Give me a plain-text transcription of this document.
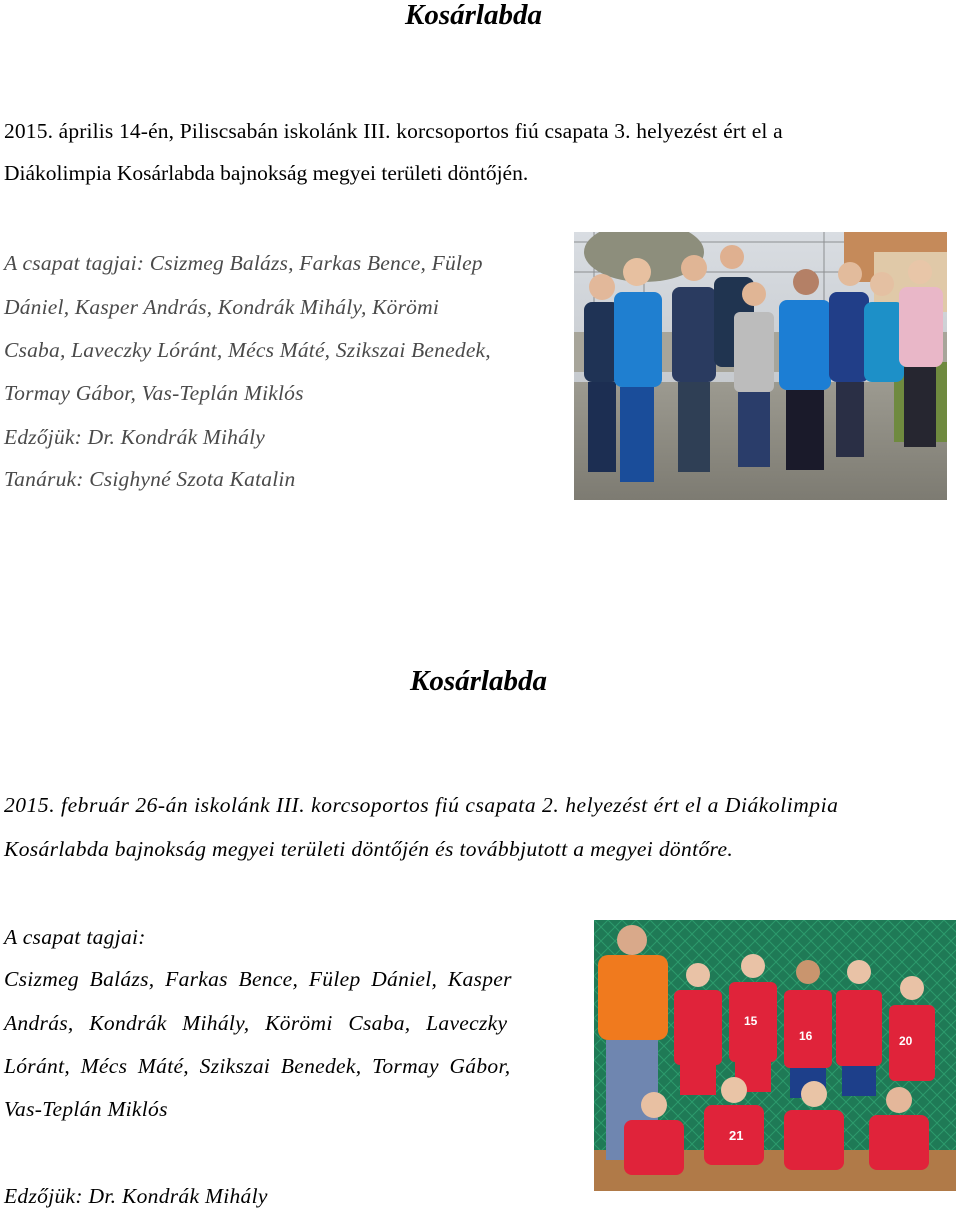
Kosárlabda

2015. április 14-én, Piliscsabán iskolánk III. korcsoportos fiú csapata 3. helyezést ért el a

Diákolimpia Kosárlabda bajnokság megyei területi döntőjén.

A csapat tagjai: Csizmeg Balázs, Farkas Bence, Fülep

Dániel, Kasper András, Kondrák Mihály, Körömi

Csaba, Laveczky Lóránt, Mécs Máté, Szikszai Benedek,

Tormay Gábor, Vas-Teplán Miklós

Edzőjük: Dr. Kondrák Mihály

Tanáruk: Csighyné Szota Katalin

Kosárlabda

2015. február 26-án iskolánk III. korcsoportos fiú csapata 2. helyezést ért el a Diákolimpia

Kosárlabda bajnokság megyei területi döntőjén és továbbjutott a megyei döntőre.

A csapat tagjai:

Csizmeg Balázs, Farkas Bence, Fülep Dániel, Kasper

András, Kondrák Mihály, Körömi Csaba, Laveczky

Lóránt, Mécs Máté, Szikszai Benedek, Tormay Gábor,

Vas-Teplán Miklós

Edzőjük: Dr. Kondrák Mihály

15
16	20
21
